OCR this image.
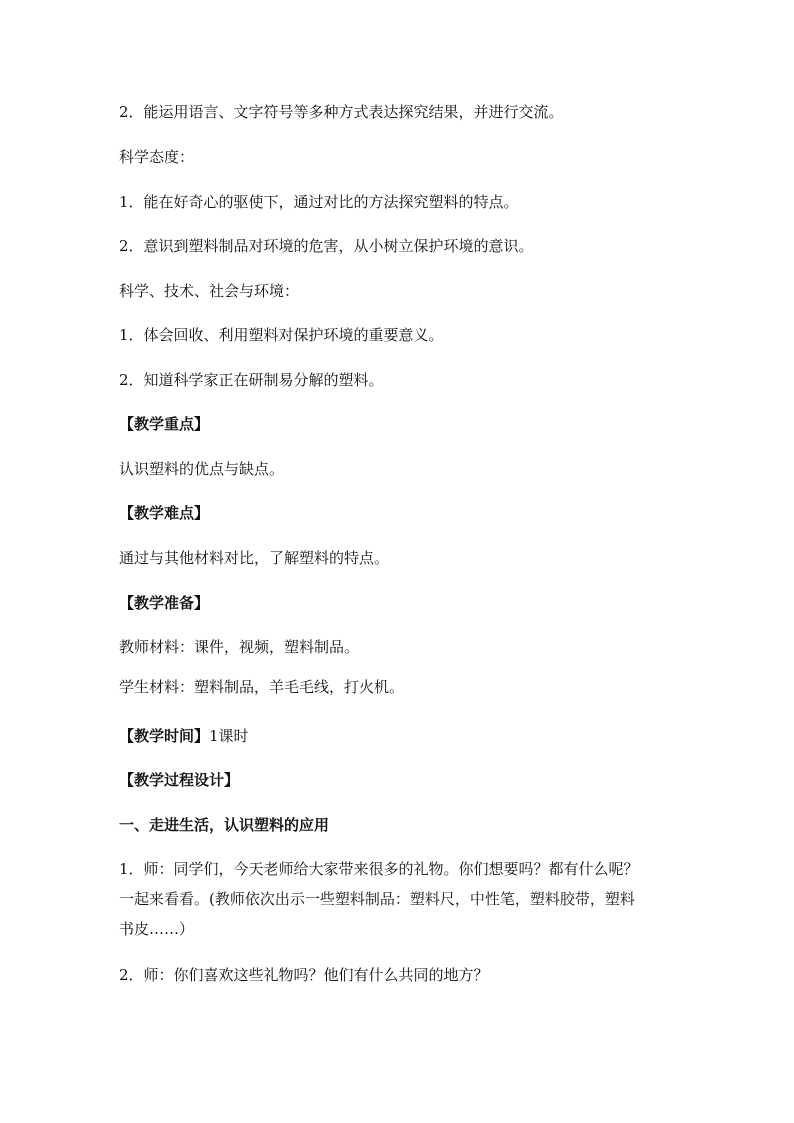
2．能运用语言、文字符号等多种方式表达探究结果，并进行交流。
科学态度：
1．能在好奇心的驱使下，通过对比的方法探究塑料的特点。
2．意识到塑料制品对环境的危害，从小树立保护环境的意识。
科学、技术、社会与环境：
1．体会回收、利用塑料对保护环境的重要意义。
2．知道科学家正在研制易分解的塑料。
【教学重点】
认识塑料的优点与缺点。
【教学难点】
通过与其他材料对比，了解塑料的特点。
【教学准备】
教师材料：课件，视频，塑料制品。
学生材料：塑料制品，羊毛毛线，打火机。
【教学时间】1课时
【教学过程设计】
一、走进生活，认识塑料的应用
1．师：同学们，今天老师给大家带来很多的礼物。你们想要吗？都有什么呢？
一起来看看。(教师依次出示一些塑料制品：塑料尺，中性笔，塑料胶带，塑料
书皮……）
2．师：你们喜欢这些礼物吗？他们有什么共同的地方？
